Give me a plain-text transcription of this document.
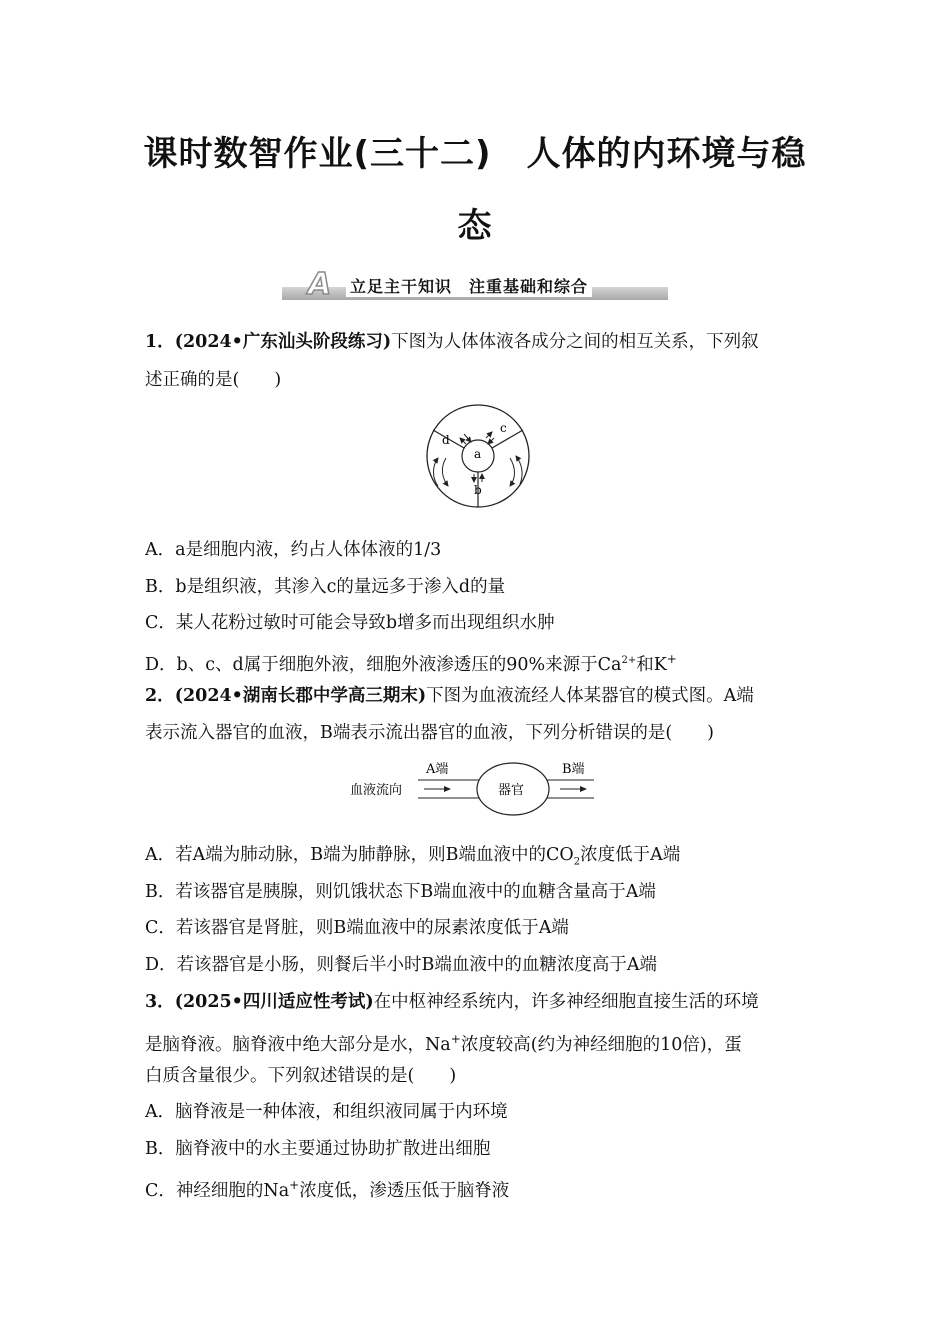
课时数智作业(三十二)　人体的内环境与稳
态
A 立足主干知识　注重基础和综合
1．(2024•广东汕头阶段练习)下图为人体体液各成分之间的相互关系，下列叙
述正确的是(　　)
a
b
c
d
A．a是细胞内液，约占人体体液的1/3
B．b是组织液，其渗入c的量远多于渗入d的量
C．某人花粉过敏时可能会导致b增多而出现组织水肿
D．b、c、d属于细胞外液，细胞外液渗透压的90%来源于$Ca^{2+}$和K+
2．(2024•湖南长郡中学高三期末)下图为血液流经人体某器官的模式图。A端
表示流入器官的血液，B端表示流出器官的血液，下列分析错误的是(　　)
血液流向
A端	B端
器官
A．若A端为肺动脉，B端为肺静脉，则B端血液中的$CO_2$浓度低于A端
B．若该器官是胰腺，则饥饿状态下B端血液中的血糖含量高于A端
C．若该器官是肾脏，则B端血液中的尿素浓度低于A端
D．若该器官是小肠，则餐后半小时B端血液中的血糖浓度高于A端
3．(2025•四川适应性考试)在中枢神经系统内，许多神经细胞直接生活的环境
是脑脊液。脑脊液中绝大部分是水，Na+浓度较高(约为神经细胞的10倍)，蛋
白质含量很少。下列叙述错误的是(　　)
A．脑脊液是一种体液，和组织液同属于内环境
B．脑脊液中的水主要通过协助扩散进出细胞
C．神经细胞的Na+浓度低，渗透压低于脑脊液
